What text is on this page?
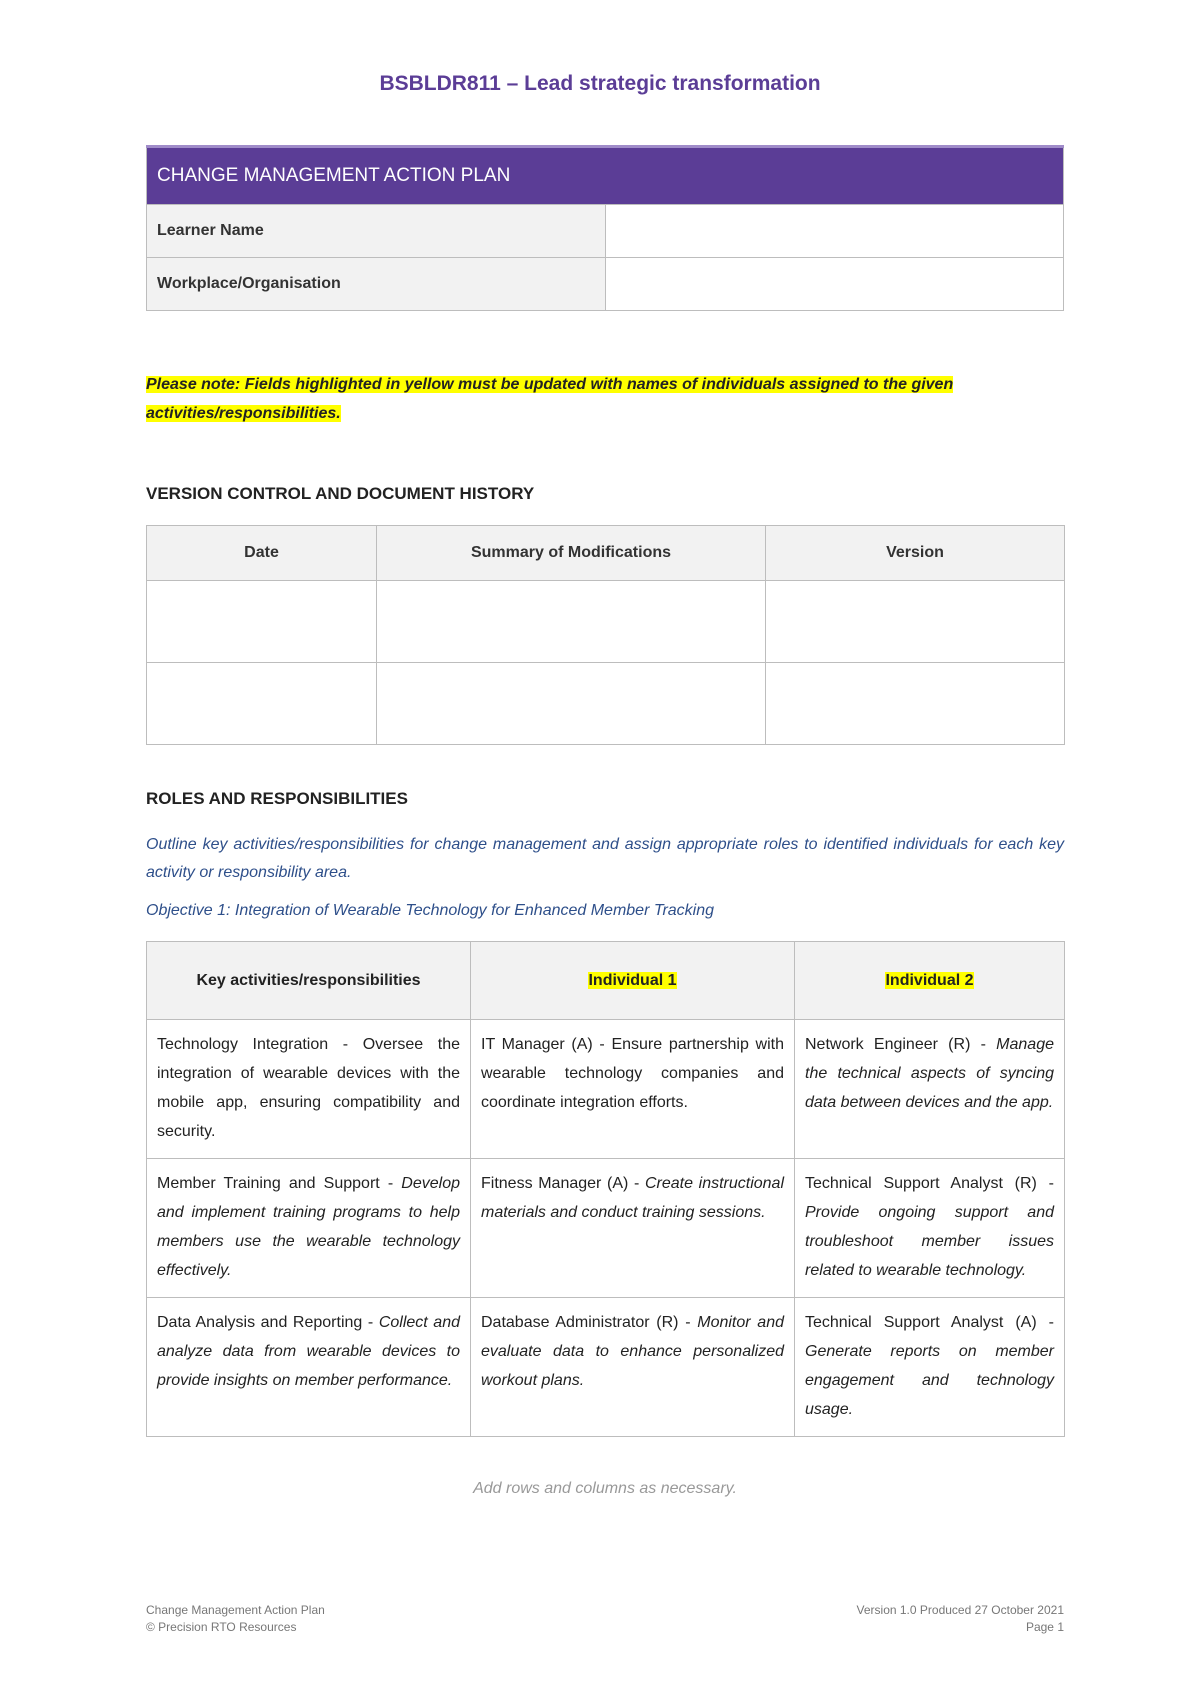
BSBLDR811 – Lead strategic transformation
CHANGE MANAGEMENT ACTION PLAN	
Learner Name	
Workplace/Organisation	
Please note: Fields highlighted in yellow must be updated with names of individuals assigned to the given activities/responsibilities.
VERSION CONTROL AND DOCUMENT HISTORY
Date	Summary of Modifications	Version

ROLES AND RESPONSIBILITIES
Outline key activities/responsibilities for change management and assign appropriate roles to identified individuals for each key activity or responsibility area.
Objective 1: Integration of Wearable Technology for Enhanced Member Tracking
Key activities/responsibilities	Individual 1	Individual 2
Technology Integration - Oversee the integration of wearable devices with the mobile app, ensuring compatibility and security.	IT Manager (A) - Ensure partnership with wearable technology companies and coordinate integration efforts.	Network Engineer (R) - Manage the technical aspects of syncing data between devices and the app.
Member Training and Support - Develop and implement training programs to help members use the wearable technology effectively.	Fitness Manager (A) - Create instructional materials and conduct training sessions.	Technical Support Analyst (R) - Provide ongoing support and troubleshoot member issues related to wearable technology.
Data Analysis and Reporting - Collect and analyze data from wearable devices to provide insights on member performance.	Database Administrator (R) - Monitor and evaluate data to enhance personalized workout plans.	Technical Support Analyst (A) - Generate reports on member engagement and technology usage.
Add rows and columns as necessary.
Change Management Action Plan
© Precision RTO Resources
Version 1.0 Produced 27 October 2021
Page 1
